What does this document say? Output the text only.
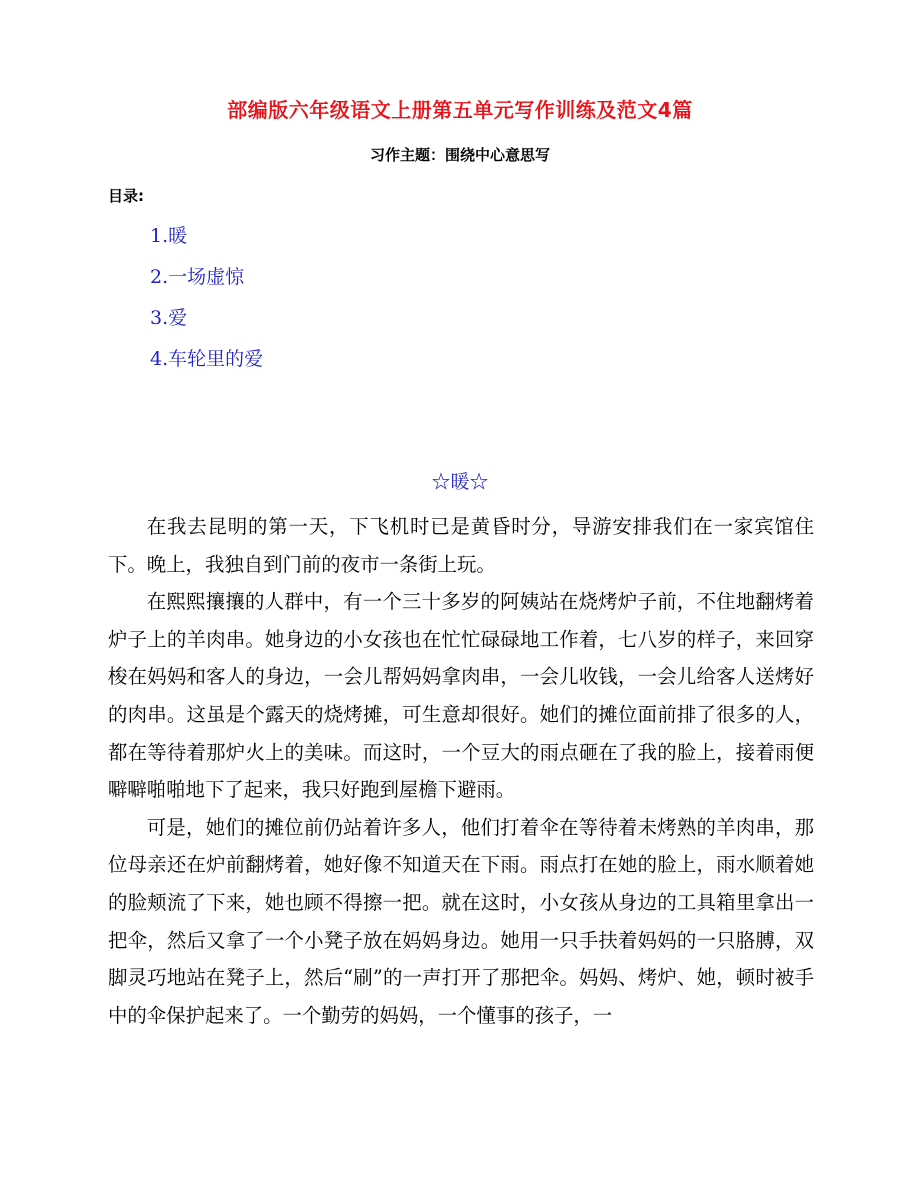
部编版六年级语文上册第五单元写作训练及范文4篇
习作主题：围绕中心意思写
目录:
1.暖
2.一场虚惊
3.爱
4.车轮里的爱
☆暖☆

在我去昆明的第一天，下飞机时已是黄昏时分，导游安排我们在一家宾馆住下。晚上，我独自到门前的夜市一条街上玩。

在熙熙攘攘的人群中，有一个三十多岁的阿姨站在烧烤炉子前，不住地翻烤着炉子上的羊肉串。她身边的小女孩也在忙忙碌碌地工作着，七八岁的样子，来回穿梭在妈妈和客人的身边，一会儿帮妈妈拿肉串，一会儿收钱，一会儿给客人送烤好的肉串。这虽是个露天的烧烤摊，可生意却很好。她们的摊位面前排了很多的人，都在等待着那炉火上的美味。而这时，一个豆大的雨点砸在了我的脸上，接着雨便噼噼啪啪地下了起来，我只好跑到屋檐下避雨。

可是，她们的摊位前仍站着许多人，他们打着伞在等待着未烤熟的羊肉串，那位母亲还在炉前翻烤着，她好像不知道天在下雨。雨点打在她的脸上，雨水顺着她的脸颊流了下来，她也顾不得擦一把。就在这时，小女孩从身边的工具箱里拿出一把伞，然后又拿了一个小凳子放在妈妈身边。她用一只手扶着妈妈的一只胳膊，双脚灵巧地站在凳子上，然后“刷”的一声打开了那把伞。妈妈、烤炉、她，顿时被手中的伞保护起来了。一个勤劳的妈妈，一个懂事的孩子，一
